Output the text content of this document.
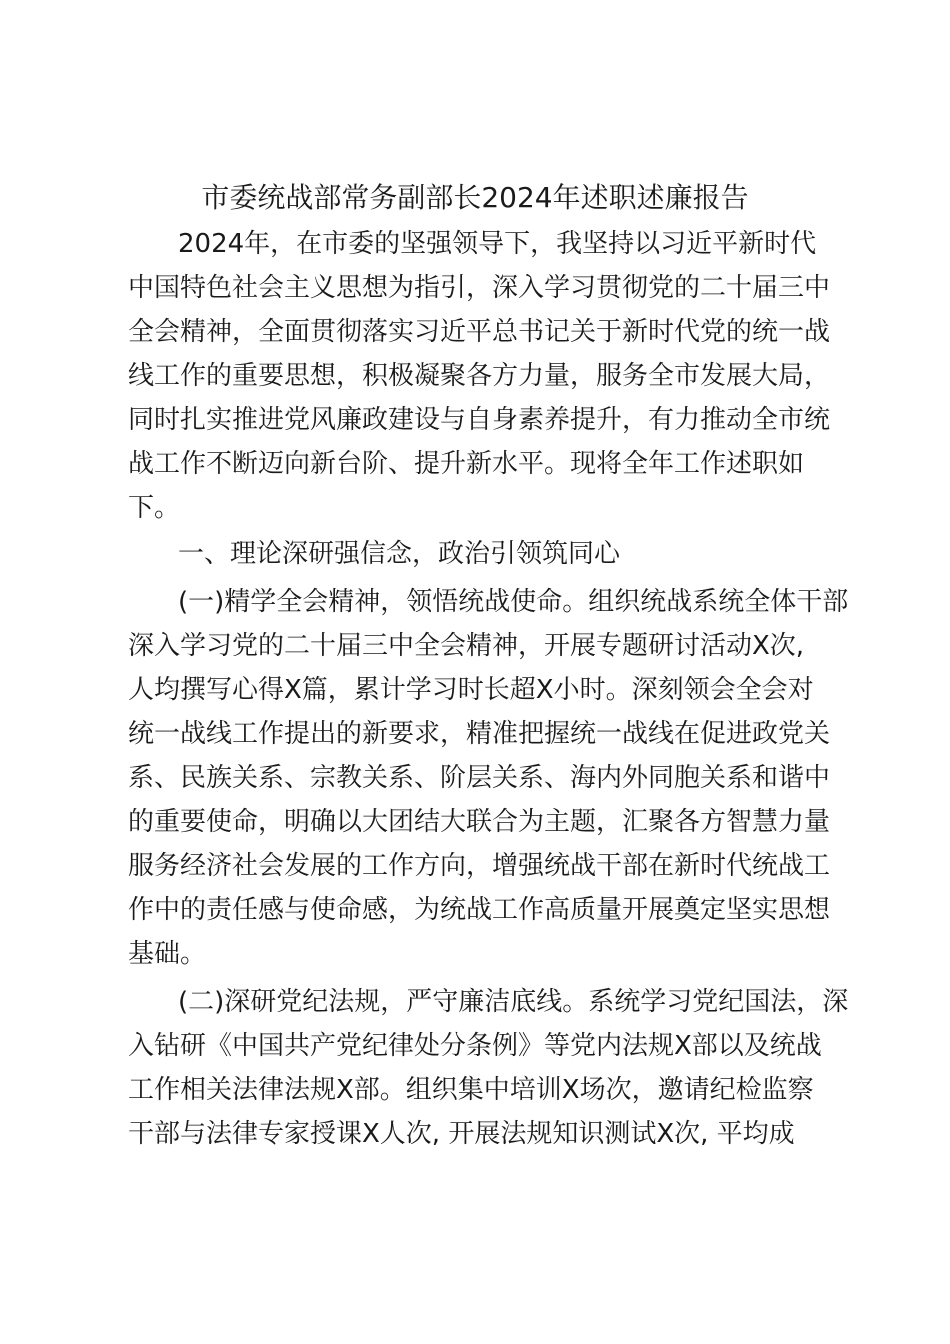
市委统战部常务副部长2024年述职述廉报告

2024年，在市委的坚强领导下，我坚持以习近平新时代

中国特色社会主义思想为指引，深入学习贯彻党的二十届三中

全会精神，全面贯彻落实习近平总书记关于新时代党的统一战

线工作的重要思想，积极凝聚各方力量，服务全市发展大局，

同时扎实推进党风廉政建设与自身素养提升，有力推动全市统

战工作不断迈向新台阶、提升新水平。现将全年工作述职如

下。

一、理论深研强信念，政治引领筑同心

(一)精学全会精神，领悟统战使命。组织统战系统全体干部

深入学习党的二十届三中全会精神，开展专题研讨活动X次,

人均撰写心得X篇，累计学习时长超X小时。深刻领会全会对

统一战线工作提出的新要求，精准把握统一战线在促进政党关

系、民族关系、宗教关系、阶层关系、海内外同胞关系和谐中

的重要使命，明确以大团结大联合为主题，汇聚各方智慧力量

服务经济社会发展的工作方向，增强统战干部在新时代统战工

作中的责任感与使命感，为统战工作高质量开展奠定坚实思想

基础。

(二)深研党纪法规，严守廉洁底线。系统学习党纪国法，深

入钻研《中国共产党纪律处分条例》等党内法规X部以及统战

工作相关法律法规X部。组织集中培训X场次，邀请纪检监察

干部与法律专家授课X人次, 开展法规知识测试X次, 平均成
